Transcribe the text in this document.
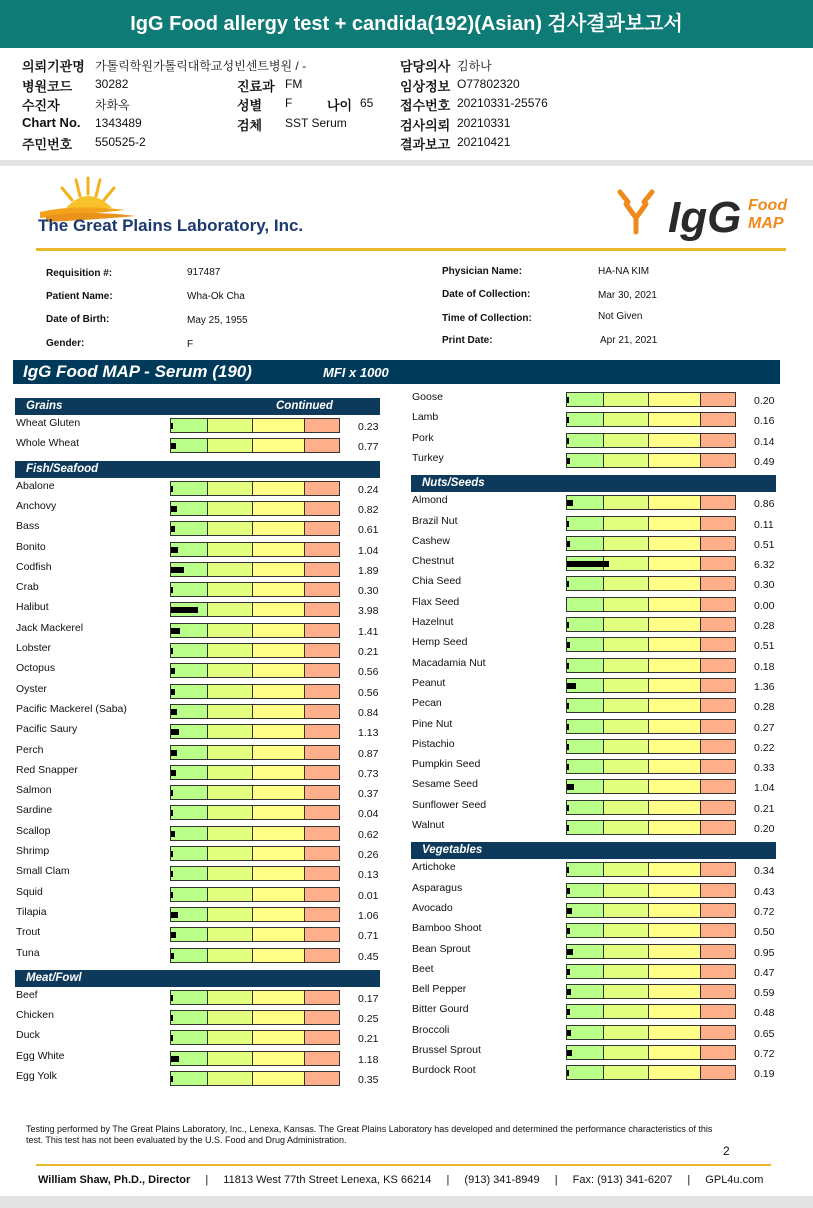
IgG Food allergy test + candida(192)(Asian) 검사결과보고서
의뢰기관명 가톨릭학원가톨릭대학교성빈센트병원 / -
병원코드 30282
수진자	차화옥
Chart No. 1343489
주민번호 550525-2
진료과 FM
성별 F	나이 65
검체 SST Serum
담당의사 김하나
임상정보 O77802320
접수번호 20210331-25576
검사의뢰 20210331
결과보고 20210421
The Great Plains Laboratory, Inc.	IgG Food
MAP
Requisition #:	917487
Patient Name:	Wha-Ok Cha
Date of Birth:	May 25, 1955
Gender:	F
Physician Name:	HA-NA KIM
Date of Collection:	Mar 30, 2021
Time of Collection:	Not Given
Print Date:	Apr 21, 2021
IgG Food MAP - Serum (190)	MFI x 1000
Grains	Continued
Wheat Gluten	0.23
Whole Wheat	0.77
Fish/Seafood
Abalone	0.24
Anchovy	0.82
Bass	0.61
Bonito	1.04
Codfish	1.89
Crab	0.30
Halibut	3.98
Jack Mackerel	1.41
Lobster	0.21
Octopus	0.56
Oyster	0.56
Pacific Mackerel (Saba)	0.84
Pacific Saury	1.13
Perch	0.87
Red Snapper	0.73
Salmon	0.37
Sardine	0.04
Scallop	0.62
Shrimp	0.26
Small Clam	0.13
Squid	0.01
Tilapia	1.06
Trout	0.71
Tuna	0.45
Meat/Fowl
Beef	0.17
Chicken	0.25
Duck	0.21
Egg White	1.18
Egg Yolk	0.35
Goose	0.20
Lamb	0.16
Pork	0.14
Turkey	0.49
Nuts/Seeds
Almond	0.86
Brazil Nut	0.11
Cashew	0.51
Chestnut	6.32
Chia Seed	0.30
Flax Seed	0.00
Hazelnut	0.28
Hemp Seed	0.51
Macadamia Nut	0.18
Peanut	1.36
Pecan	0.28
Pine Nut	0.27
Pistachio	0.22
Pumpkin Seed	0.33
Sesame Seed	1.04
Sunflower Seed	0.21
Walnut	0.20
Vegetables
Artichoke	0.34
Asparagus	0.43
Avocado	0.72
Bamboo Shoot	0.50
Bean Sprout	0.95
Beet	0.47
Bell Pepper	0.59
Bitter Gourd	0.48
Broccoli	0.65
Brussel Sprout	0.72
Burdock Root	0.19
Testing performed by The Great Plains Laboratory, Inc., Lenexa, Kansas. The Great Plains Laboratory has developed and determined the performance characteristics of this test. This test has not been evaluated by the U.S. Food and Drug Administration.
2
William Shaw, Ph.D., Director | 11813 West 77th Street Lenexa, KS 66214 | (913) 341-8949 | Fax: (913) 341-6207 | GPL4u.com
